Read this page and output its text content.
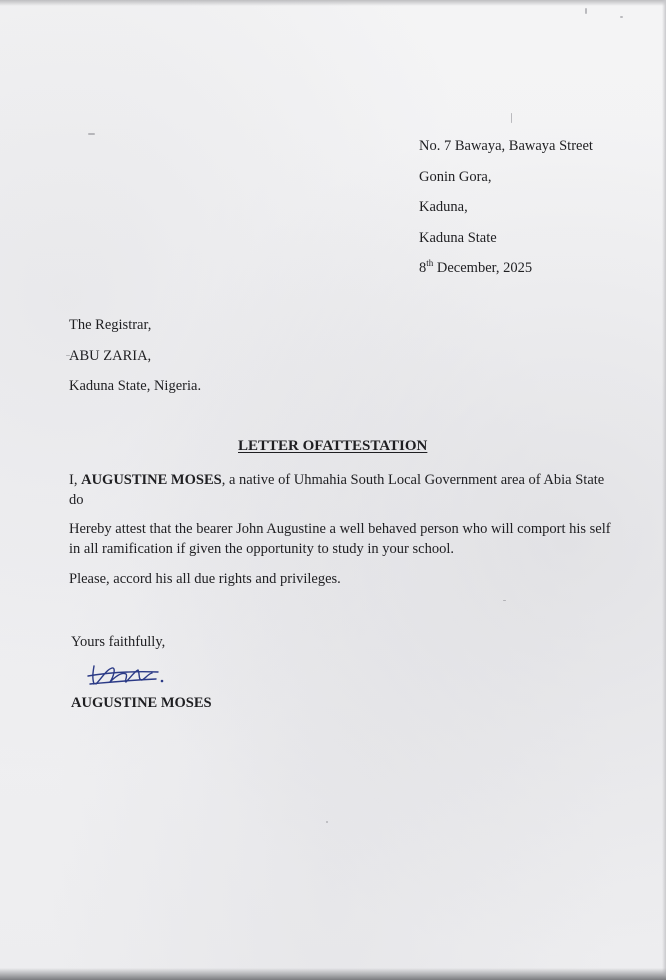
No. 7 Bawaya, Bawaya Street
Gonin Gora,
Kaduna,
Kaduna State
8th December, 2025
The Registrar,
ABU ZARIA,
Kaduna State, Nigeria.
LETTER OFATTESTATION
I, AUGUSTINE MOSES, a native of Uhmahia South Local Government area of Abia State do
Hereby attest that the bearer John Augustine a well behaved person who will comport his self in all ramification if given the opportunity to study in your school.
Please, accord his all due rights and privileges.
Yours faithfully,
AUGUSTINE MOSES
